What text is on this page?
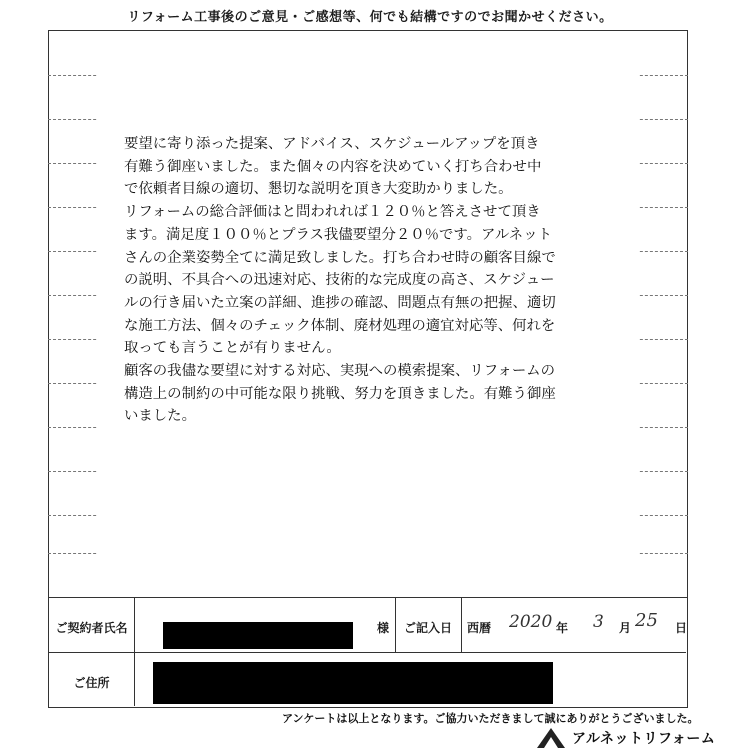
リフォーム工事後のご意見・ご感想等、何でも結構ですのでお聞かせください。

要望に寄り添った提案、アドバイス、スケジュールアップを頂き

有難う御座いました。また個々の内容を決めていく打ち合わせ中

で依頼者目線の適切、懇切な説明を頂き大変助かりました。

リフォームの総合評価はと問われれば１２０％と答えさせて頂き

ます。満足度１００％とプラス我儘要望分２０％です。アルネット

さんの企業姿勢全てに満足致しました。打ち合わせ時の顧客目線で

の説明、不具合への迅速対応、技術的な完成度の高さ、スケジュー

ルの行き届いた立案の詳細、進捗の確認、問題点有無の把握、適切

な施工方法、個々のチェック体制、廃材処理の適宜対応等、何れを

取っても言うことが有りません。

顧客の我儘な要望に対する対応、実現への模索提案、リフォームの

構造上の制約の中可能な限り挑戦、努力を頂きました。有難う御座

いました。

ご契約者氏名	様	ご記入日	西暦 2020 年 3 月 25 日
ご住所
アンケートは以上となります。ご協力いただきまして誠にありがとうございました。
アルネットリフォーム
